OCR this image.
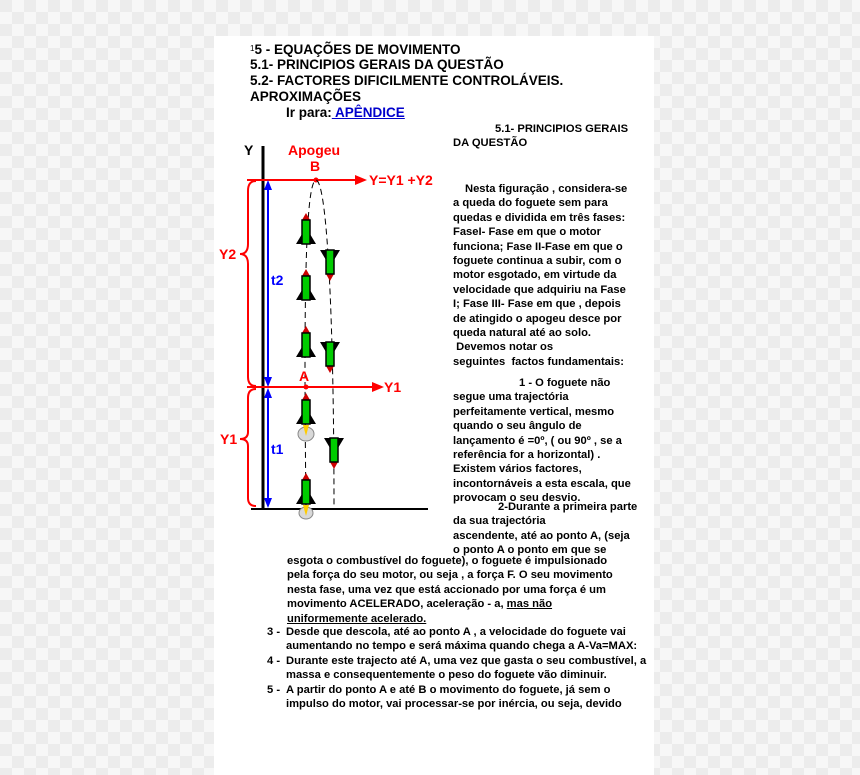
$^1$5 - EQUAÇÕES DE MOVIMENTO
5.1- PRINCIPIOS GERAIS DA QUESTÃO
5.2- FACTORES DIFICILMENTE CONTROLÁVEIS.
APROXIMAÇÕES
Ir para: APÊNDICE
Y
Y=Y1 +Y2
Apogeu
B
Y1
A
Y2
Y1
t2
t1

5.1- PRINCIPIOS GERAIS

DA QUESTÃO

Nesta figuração , considera-se

a queda do foguete sem para

quedas e dividida em três fases:

FaseI- Fase em que o motor

funciona; Fase II-Fase em que o

foguete continua a subir, com o

motor esgotado, em virtude da

velocidade que adquiriu na Fase

I; Fase III- Fase em que , depois

de atingido o apogeu desce por

queda natural até ao solo.

Devemos notar os

seguintes  factos fundamentais:

1 - O foguete não

segue uma trajectória

perfeitamente vertical, mesmo

quando o seu ângulo de

lançamento é =0º, ( ou 90º , se a

referência for a horizontal) .

Existem vários factores,

incontornáveis a esta escala, que

provocam o seu desvio.

2-Durante a primeira parte

da sua trajectória

ascendente, até ao ponto A, (seja

o ponto A o ponto em que se

esgota o combustível do foguete), o foguete é impulsionado

pela força do seu motor, ou seja , a força F. O seu movimento

nesta fase, uma vez que está accionado por uma força é um

movimento ACELERADO, aceleração - a, mas não

uniformemente acelerado.

3 - Desde que descola, até ao ponto A , a velocidade do foguete vai aumentando no tempo e será máxima quando chega a A-Va=MAX:
4 - Durante este trajecto até A, uma vez que gasta o seu combustível, a massa e consequentemente o peso do foguete vão diminuir.
5 - A partir do ponto A e até B o movimento do foguete, já sem o impulso do motor, vai processar-se por inércia, ou seja, devido
